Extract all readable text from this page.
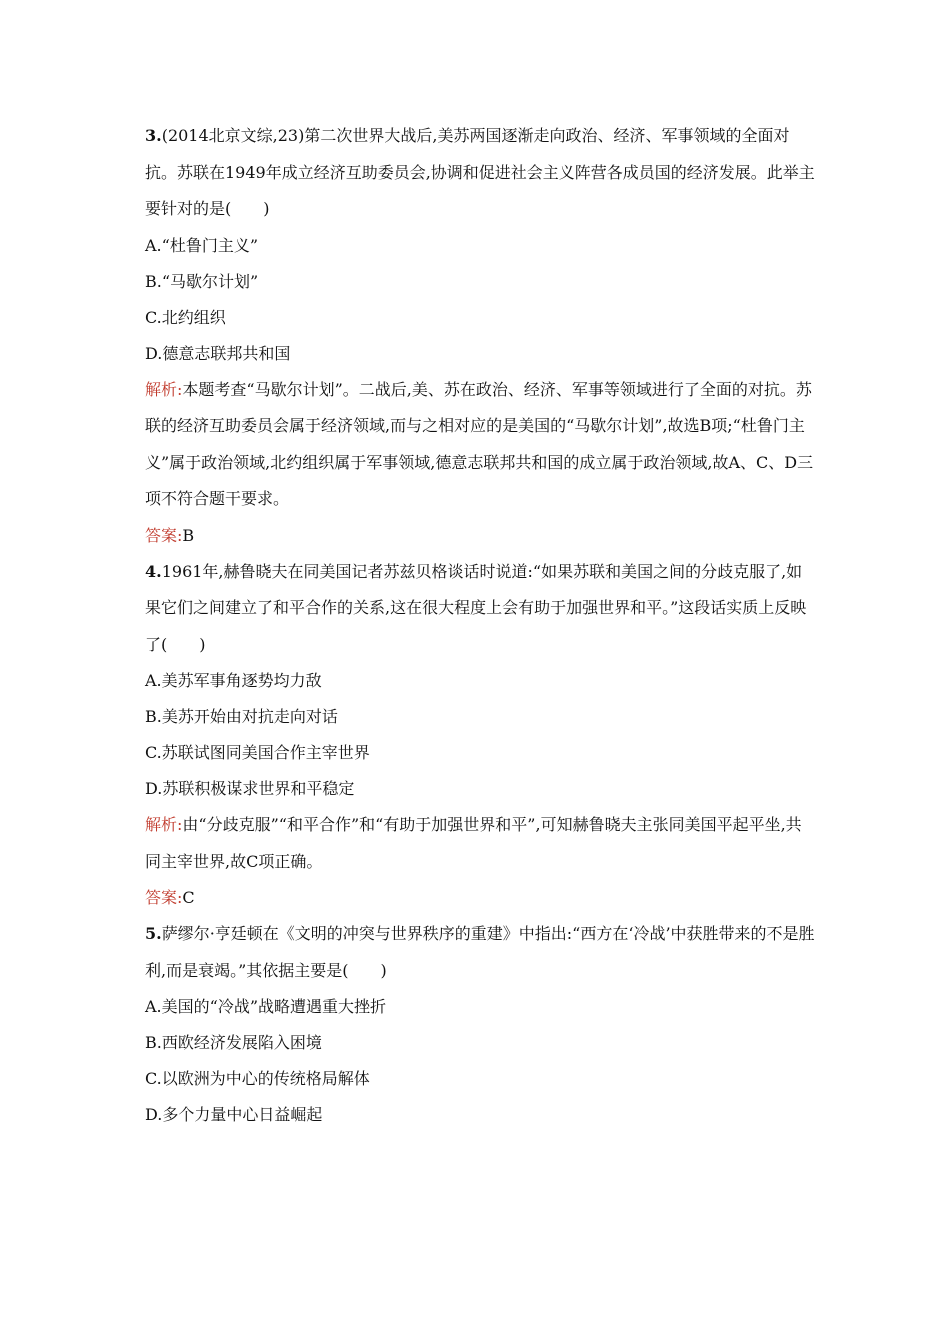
3.(2014北京文综,23)第二次世界大战后,美苏两国逐渐走向政治、经济、军事领域的全面对抗。苏联在1949年成立经济互助委员会,协调和促进社会主义阵营各成员国的经济发展。此举主要针对的是(　　)
A.“杜鲁门主义”
B.“马歇尔计划”
C.北约组织
D.德意志联邦共和国
解析:本题考查“马歇尔计划”。二战后,美、苏在政治、经济、军事等领域进行了全面的对抗。苏联的经济互助委员会属于经济领域,而与之相对应的是美国的“马歇尔计划”,故选B项;“杜鲁门主义”属于政治领域,北约组织属于军事领域,德意志联邦共和国的成立属于政治领域,故A、C、D三项不符合题干要求。
答案:B
4.1961年,赫鲁晓夫在同美国记者苏兹贝格谈话时说道:“如果苏联和美国之间的分歧克服了,如果它们之间建立了和平合作的关系,这在很大程度上会有助于加强世界和平。”这段话实质上反映了(　　)
A.美苏军事角逐势均力敌
B.美苏开始由对抗走向对话
C.苏联试图同美国合作主宰世界
D.苏联积极谋求世界和平稳定
解析:由“分歧克服”“和平合作”和“有助于加强世界和平”,可知赫鲁晓夫主张同美国平起平坐,共同主宰世界,故C项正确。
答案:C
5.萨缪尔·亨廷顿在《文明的冲突与世界秩序的重建》中指出:“西方在‘冷战’中获胜带来的不是胜利,而是衰竭。”其依据主要是(　　)
A.美国的“冷战”战略遭遇重大挫折
B.西欧经济发展陷入困境
C.以欧洲为中心的传统格局解体
D.多个力量中心日益崛起
